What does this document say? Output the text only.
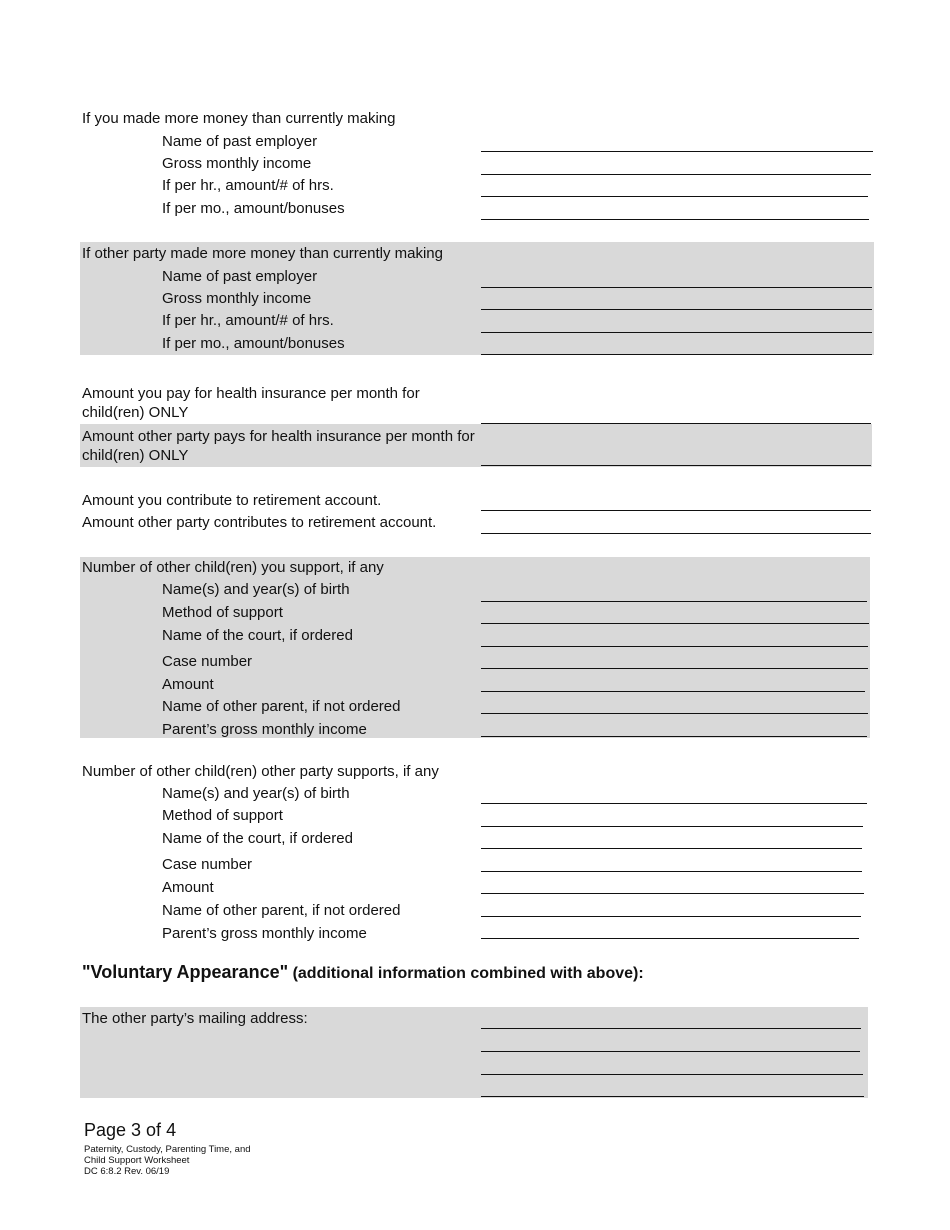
If you made more money than currently making
Name of past employer
Gross monthly income
If per hr., amount/# of hrs.
If per mo., amount/bonuses
If other party made more money than currently making
Name of past employer
Gross monthly income
If per hr., amount/# of hrs.
If per mo., amount/bonuses
Amount you pay for health insurance per month for child(ren) ONLY
Amount other party pays for health insurance per month for child(ren) ONLY
Amount you contribute to retirement account.
Amount other party contributes to retirement account.
Number of other child(ren) you support, if any
Name(s) and year(s) of birth
Method of support
Name of the court, if ordered
Case number
Amount
Name of other parent, if not ordered
Parent’s gross monthly income
Number of other child(ren) other party supports, if any
Name(s) and year(s) of birth
Method of support
Name of the court, if ordered
Case number
Amount
Name of other parent, if not ordered
Parent’s gross monthly income
"Voluntary Appearance" (additional information combined with above):
The other party’s mailing address:
Page 3 of 4
Paternity, Custody, Parenting Time, and
Child Support Worksheet
DC 6:8.2 Rev. 06/19
